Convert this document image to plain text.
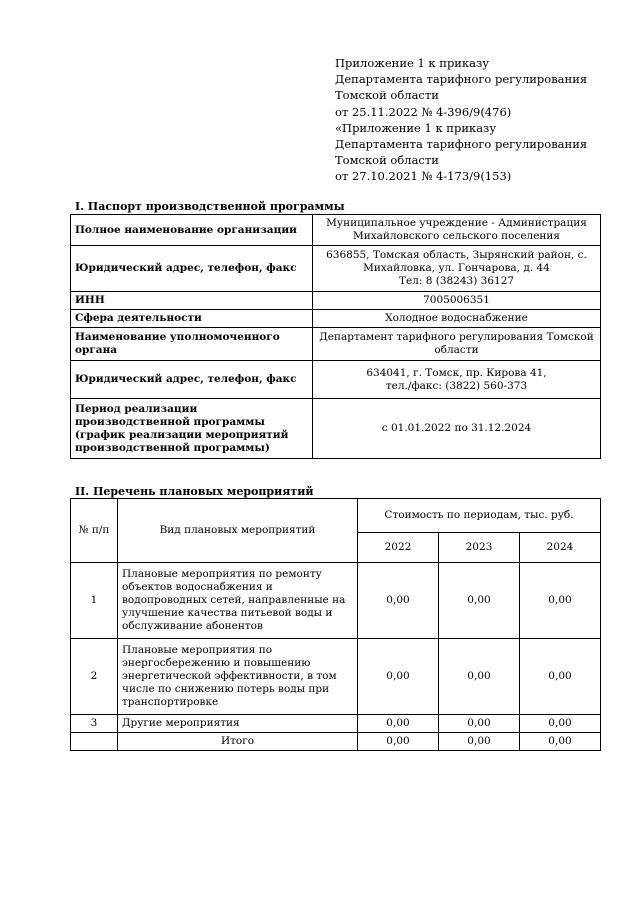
Приложение 1 к приказу
Департамента тарифного регулирования
Томской области
от 25.11.2022 № 4-396/9(476)
«Приложение 1 к приказу
Департамента тарифного регулирования
Томской области
от 27.10.2021 № 4-173/9(153)
I. Паспорт производственной программы
Полное наименование организации	Муниципальное учреждение - Администрация
Михайловского сельского поселения

Юридический адрес, телефон, факс	636855, Томская область, Зырянский район, с.
Михайловка, ул. Гончарова, д. 44
Тел: 8 (38243) 36127

ИНН	7005006351

Сфера деятельности	Холодное водоснабжение

Наименование уполномоченного органа	Департамент тарифного регулирования Томской
области

Юридический адрес, телефон, факс	634041, г. Томск, пр. Кирова 41,
тел./факс: (3822) 560-373

Период реализации производственной программы (график реализации мероприятий производственной программы)	с 01.01.2022 по 31.12.2024
II. Перечень плановых мероприятий
№ п/п	Вид плановых мероприятий	Стоимость по периодам, тыс. руб.		
		2022	2023	2024
1	Плановые мероприятия по ремонту объектов водоснабжения и водопроводных сетей, направленные на улучшение качества питьевой воды и обслуживание абонентов	0,00	0,00	0,00
2	Плановые мероприятия по энергосбережению и повышению энергетической эффективности, в том числе по снижению потерь воды при транспортировке	0,00	0,00	0,00
3	Другие мероприятия	0,00	0,00	0,00
	Итого	0,00	0,00	0,00
